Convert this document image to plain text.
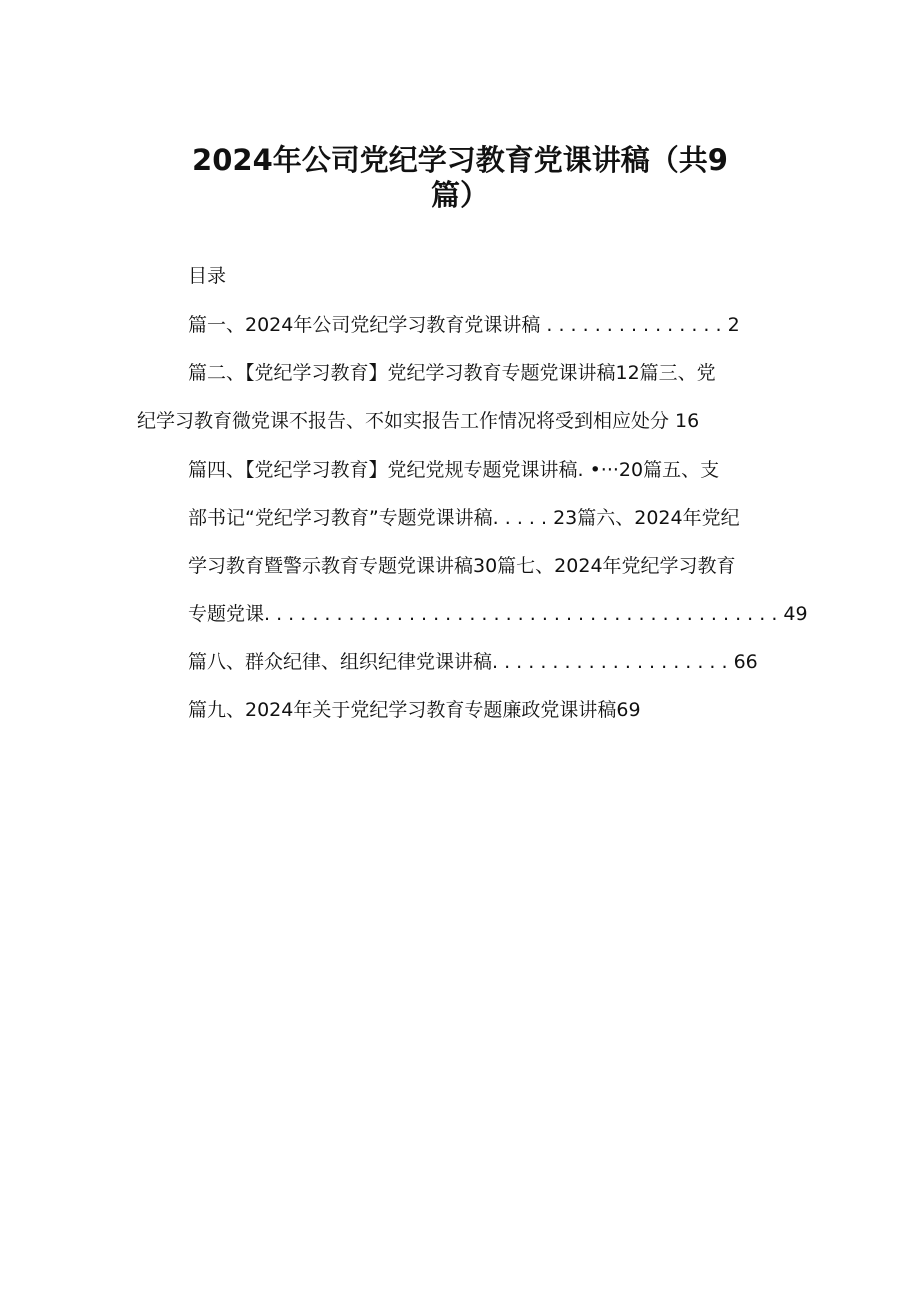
2024年公司党纪学习教育党课讲稿（共9
篇）

目录

篇一、2024年公司党纪学习教育党课讲稿 . . . . . . . . . . . . . . . 2

篇二、【党纪学习教育】党纪学习教育专题党课讲稿12篇三、党

纪学习教育微党课不报告、不如实报告工作情况将受到相应处分 16

篇四、【党纪学习教育】党纪党规专题党课讲稿. •···20篇五、支

部书记“党纪学习教育”专题党课讲稿. . . . . 23篇六、2024年党纪

学习教育暨警示教育专题党课讲稿30篇七、2024年党纪学习教育

专题党课. . . . . . . . . . . . . . . . . . . . . . . . . . . . . . . . . . . . . . . . . . . 49

篇八、群众纪律、组织纪律党课讲稿. . . . . . . . . . . . . . . . . . . . 66

篇九、2024年关于党纪学习教育专题廉政党课讲稿69
